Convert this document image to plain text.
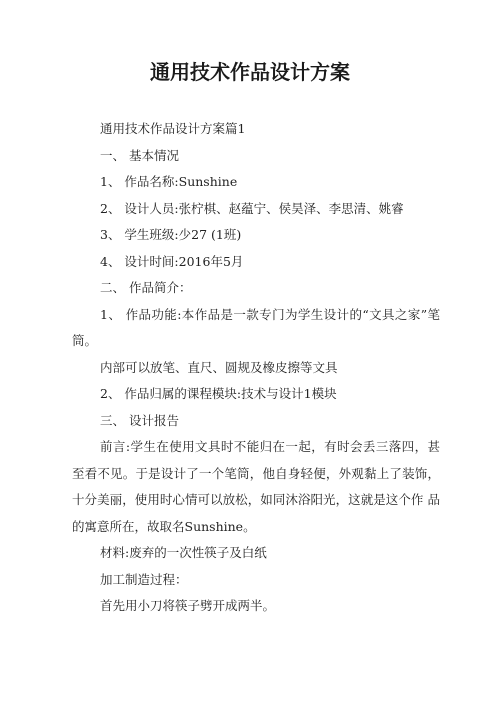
通用技术作品设计方案

通用技术作品设计方案篇1

一、 基本情况

1、 作品名称:Sunshine

2、 设计人员:张柠棋、赵蕴宁、侯昊泽、李思清、姚睿

3、 学生班级:少27 (1班)

4、 设计时间:2016年5月

二、 作品简介：

1、 作品功能:本作品是一款专门为学生设计的“文具之家”笔筒。

内部可以放笔、直尺、圆规及橡皮擦等文具

2、 作品归属的课程模块:技术与设计1模块

三、 设计报告

前言:学生在使用文具时不能归在一起，有时会丢三落四，甚至看不见。于是设计了一个笔筒，他自身轻便，外观黏上了装饰， 十分美丽，使用时心情可以放松，如同沐浴阳光，这就是这个作 品的寓意所在，故取名Sunshine。

材料:废弃的一次性筷子及白纸

加工制造过程：

首先用小刀将筷子劈开成两半。
